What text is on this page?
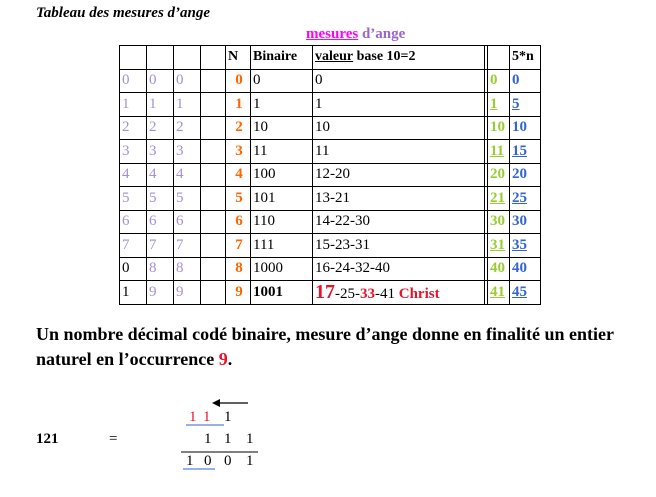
Tableau des mesures d’ange
mesures d’ange
				N	Binaire	valeur base 10=2			5*n
0	0	0		0	0	0		0	0
1	1	1		1	1	1		1	5
2	2	2		2	10	10		10	10
3	3	3		3	11	11		11	15
4	4	4		4	100	12-20		20	20
5	5	5		5	101	13-21		21	25
6	6	6		6	110	14-22-30		30	30
7	7	7		7	111	15-23-31		31	35
0	8	8		8	1000	16-24-32-40		40	40
1	9	9		9	1001	17-25-33-41 Christ		41	45
Un nombre décimal codé binaire, mesure d’ange donne en finalité un entier naturel en l’occurrence 9.
121	=
1 1 1
1 1 1
1 0 0 1
